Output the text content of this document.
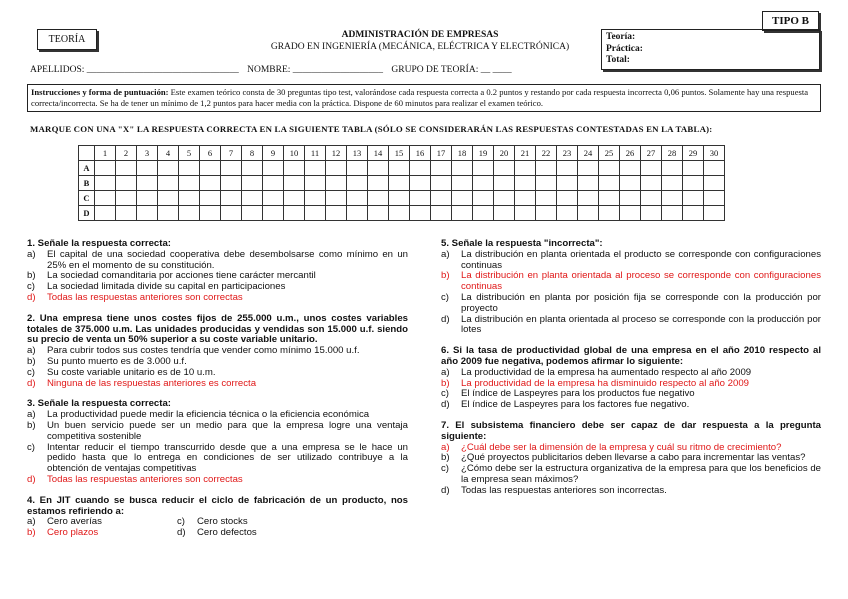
TEORÍA	ADMINISTRACIÓN DE EMPRESAS
GRADO EN INGENIERÍA (MECÁNICA, ELÉCTRICA Y ELECTRÓNICA)
TIPO B
Teoría:
Práctica:
Total:
APELLIDOS: ________________________________ NOMBRE: ___________________ GRUPO DE TEORÍA: __ ____
Instrucciones y forma de puntuación: Este examen teórico consta de 30 preguntas tipo test, valorándose cada respuesta correcta a 0.2 puntos y restando por cada respuesta incorrecta 0,06 puntos. Solamente hay una respuesta correcta/incorrecta. Se ha de tener un mínimo de 1,2 puntos para hacer media con la práctica. Dispone de 60 minutos para realizar el examen teórico.
MARQUE CON UNA "X" LA RESPUESTA CORRECTA EN LA SIGUIENTE TABLA (SÓLO SE CONSIDERARÁN LAS RESPUESTAS CONTESTADAS EN LA TABLA):
	1	2	3	4	5	6	7	8	9	10	11	12	13	14	15	16	17	18	19	20	21	22	23	24	25	26	27	28	29	30
A																														
B																														
C																														
D																														
1. Señale la respuesta correcta:
a)	El capital de una sociedad cooperativa debe desembolsarse como mínimo en un 25% en el momento de su constitución.
b)	La sociedad comanditaria por acciones tiene carácter mercantil
c)	La sociedad limitada divide su capital en participaciones
d)	Todas las respuestas anteriores son correctas
2. Una empresa tiene unos costes fijos de 255.000 u.m., unos costes variables totales de 375.000 u.m. Las unidades producidas y vendidas son 15.000 u.f. siendo su precio de venta un 50% superior a su coste variable unitario.
a)	Para cubrir todos sus costes tendría que vender como mínimo 15.000 u.f.
b)	Su punto muerto es de 3.000 u.f.
c)	Su coste variable unitario es de 10 u.m.
d)	Ninguna de las respuestas anteriores es correcta
3. Señale la respuesta correcta:
a)	La productividad puede medir la eficiencia técnica o la eficiencia económica
b)	Un buen servicio puede ser un medio para que la empresa logre una ventaja competitiva sostenible
c)	Intentar reducir el tiempo transcurrido desde que a una empresa se le hace un pedido hasta que lo entrega en condiciones de ser utilizado contribuye a la obtención de ventajas competitivas
d)	Todas las respuestas anteriores son correctas
4. En JIT cuando se busca reducir el ciclo de fabricación de un producto, nos estamos refiriendo a:
a)	Cero averías	c)	Cero stocks
b)	Cero plazos	d)	Cero defectos
5. Señale la respuesta "incorrecta":
a)	La distribución en planta orientada el producto se corresponde con configuraciones continuas
b)	La distribución en planta orientada al proceso se corresponde con configuraciones continuas
c)	La distribución en planta por posición fija se corresponde con la producción por proyecto
d)	La distribución en planta orientada al proceso se corresponde con la producción por lotes
6. Si la tasa de productividad global de una empresa en el año 2010 respecto al año 2009 fue negativa, podemos afirmar lo siguiente:
a)	La productividad de la empresa ha aumentado respecto al año 2009
b)	La productividad de la empresa ha disminuido respecto al año 2009
c)	El índice de Laspeyres para los productos fue negativo
d)	El índice de Laspeyres para los factores fue negativo.
7. El subsistema financiero debe ser capaz de dar respuesta a la pregunta siguiente:
a)	¿Cuál debe ser la dimensión de la empresa y cuál su ritmo de crecimiento?
b)	¿Qué proyectos publicitarios deben llevarse a cabo para incrementar las ventas?
c)	¿Cómo debe ser la estructura organizativa de la empresa para que los beneficios de la empresa sean máximos?
d)	Todas las respuestas anteriores son incorrectas.
